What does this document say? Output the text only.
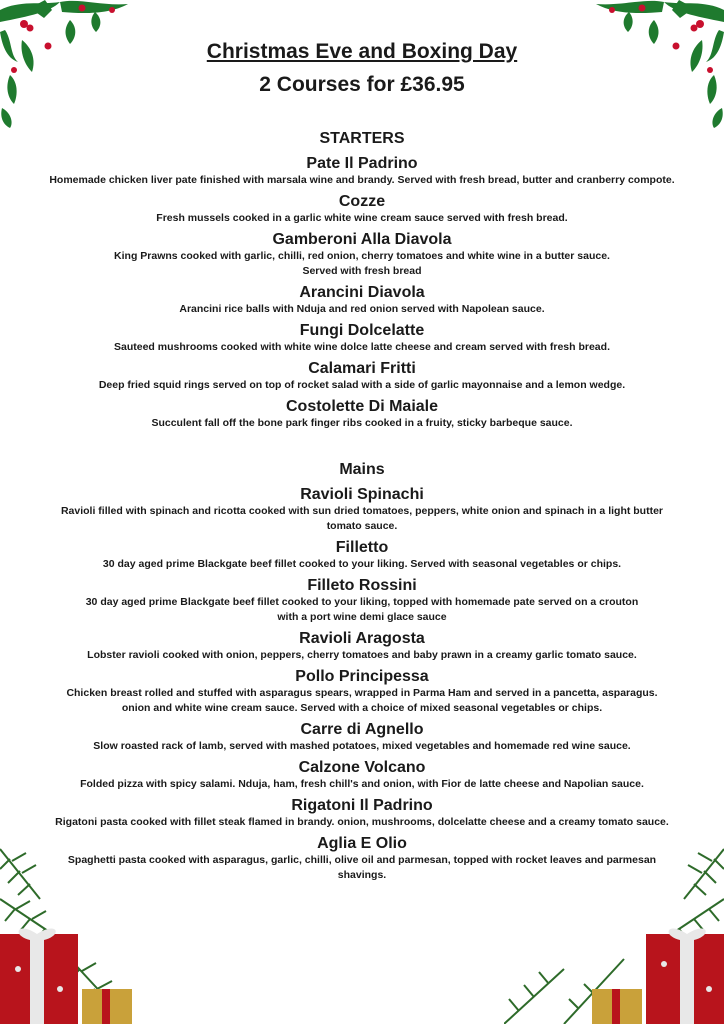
Christmas Eve and Boxing Day
2 Courses for £36.95
STARTERS
Pate Il Padrino
Homemade chicken liver pate finished with marsala wine and brandy. Served with fresh bread, butter and cranberry compote.
Cozze
Fresh mussels cooked in a garlic white wine cream sauce served with fresh bread.
Gamberoni Alla Diavola
King Prawns cooked with garlic, chilli, red onion, cherry tomatoes and white wine in a butter sauce.
Served with fresh bread
Arancini Diavola
Arancini rice balls with Nduja and red onion served with Napolean sauce.
Fungi Dolcelatte
Sauteed mushrooms cooked with white wine dolce latte cheese and cream served with fresh bread.
Calamari Fritti
Deep fried squid rings served on top of rocket salad with a side of garlic mayonnaise and a lemon wedge.
Costolette Di Maiale
Succulent fall off the bone park finger ribs cooked in a fruity, sticky barbeque sauce.
Mains
Ravioli Spinachi
Ravioli filled with spinach and ricotta cooked with sun dried tomatoes, peppers, white onion and spinach in a light butter
tomato sauce.
Filletto
30 day aged prime Blackgate beef fillet cooked to your liking. Served with seasonal vegetables or chips.
Filleto Rossini
30 day aged prime Blackgate beef fillet cooked to your liking, topped with homemade pate served on a crouton
with a port wine demi glace sauce
Ravioli Aragosta
Lobster ravioli cooked with onion, peppers, cherry tomatoes and baby prawn in a creamy garlic tomato sauce.
Pollo Principessa
Chicken breast rolled and stuffed with asparagus spears, wrapped in Parma Ham and served in a pancetta, asparagus.
onion and white wine cream sauce. Served with a choice of mixed seasonal vegetables or chips.
Carre di Agnello
Slow roasted rack of lamb, served with mashed potatoes, mixed vegetables and homemade red wine sauce.
Calzone Volcano
Folded pizza with spicy salami. Nduja, ham, fresh chill's and onion, with Fior de latte cheese and Napolian sauce.
Rigatoni Il Padrino
Rigatoni pasta cooked with fillet steak flamed in brandy. onion, mushrooms, dolcelatte cheese and a creamy tomato sauce.
Aglia E Olio
Spaghetti pasta cooked with asparagus, garlic, chilli, olive oil and parmesan, topped with rocket leaves and parmesan
shavings.
